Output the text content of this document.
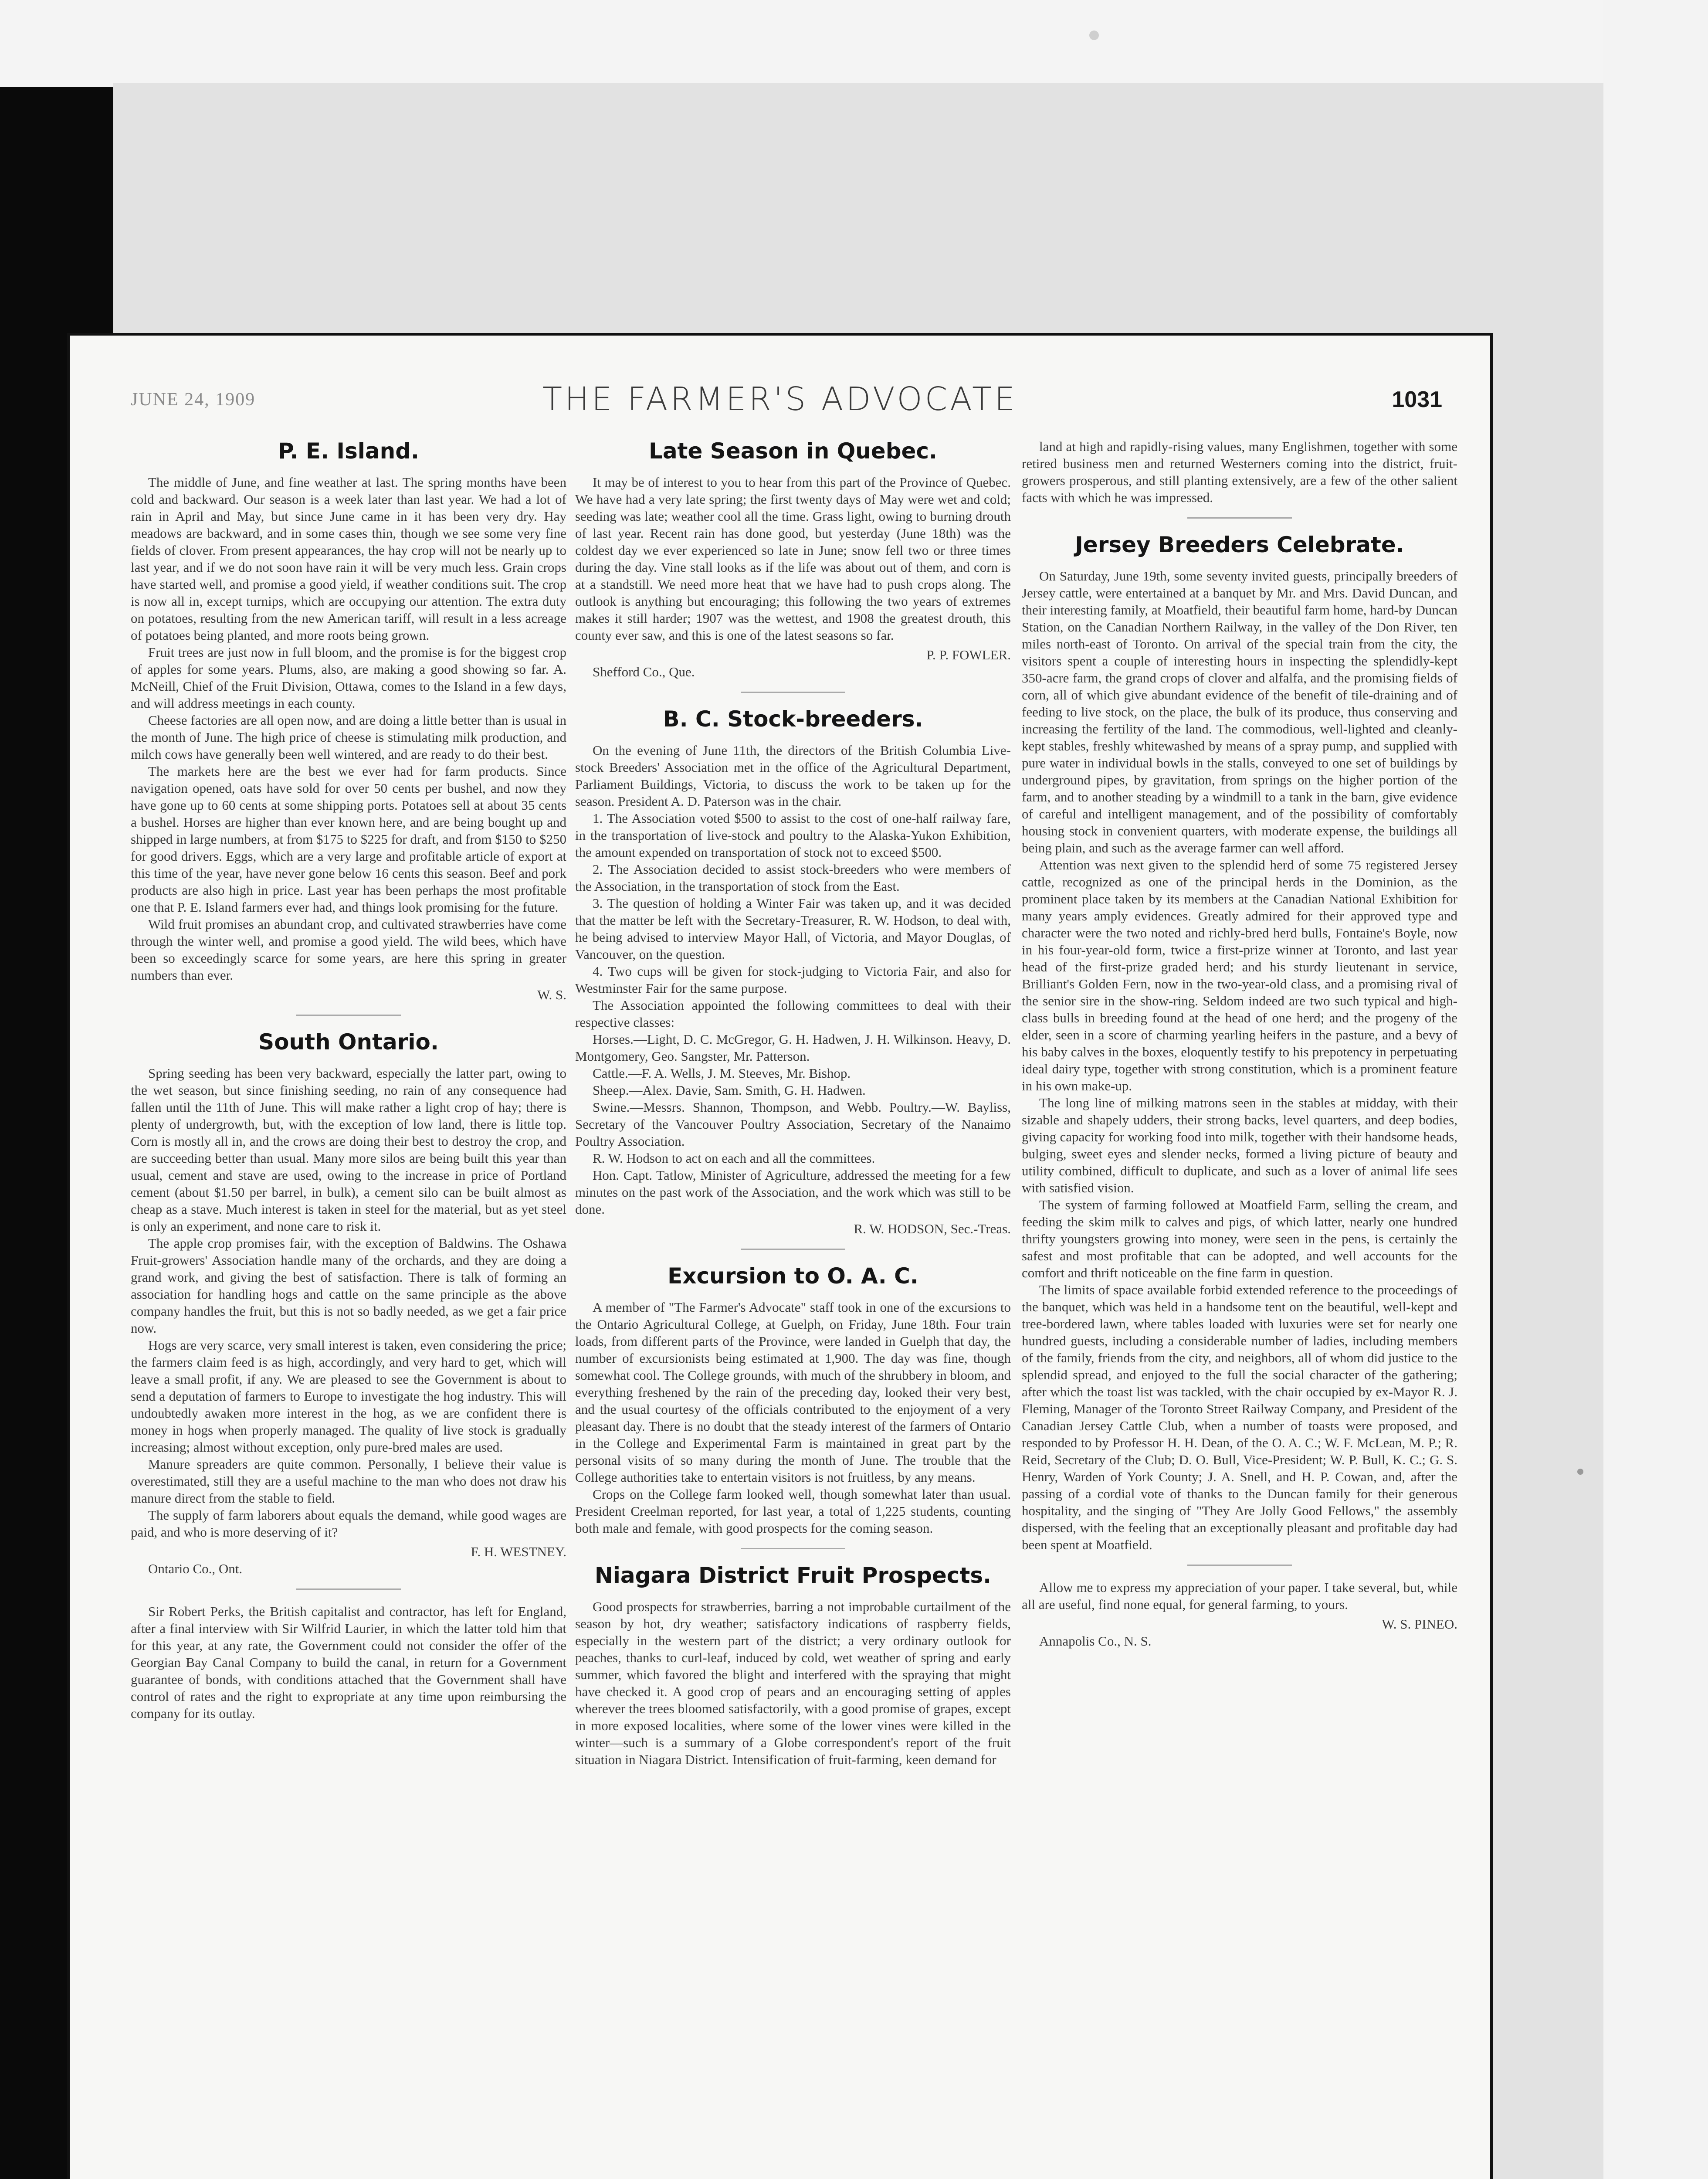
JUNE 24, 1909	THE FARMER'S ADVOCATE	1031
P. E. Island.

The middle of June, and fine weather at last. The spring months have been cold and backward. Our season is a week later than last year. We had a lot of rain in April and May, but since June came in it has been very dry. Hay meadows are backward, and in some cases thin, though we see some very fine fields of clover. From present appearances, the hay crop will not be nearly up to last year, and if we do not soon have rain it will be very much less. Grain crops have started well, and promise a good yield, if weather conditions suit. The crop is now all in, except turnips, which are occupying our attention. The extra duty on potatoes, resulting from the new American tariff, will result in a less acreage of potatoes being planted, and more roots being grown.

Fruit trees are just now in full bloom, and the promise is for the biggest crop of apples for some years. Plums, also, are making a good showing so far. A. McNeill, Chief of the Fruit Division, Ottawa, comes to the Island in a few days, and will address meetings in each county.

Cheese factories are all open now, and are doing a little better than is usual in the month of June. The high price of cheese is stimulating milk production, and milch cows have generally been well wintered, and are ready to do their best.

The markets here are the best we ever had for farm products. Since navigation opened, oats have sold for over 50 cents per bushel, and now they have gone up to 60 cents at some shipping ports. Potatoes sell at about 35 cents a bushel. Horses are higher than ever known here, and are being bought up and shipped in large numbers, at from $175 to $225 for draft, and from $150 to $250 for good drivers. Eggs, which are a very large and profitable article of export at this time of the year, have never gone below 16 cents this season. Beef and pork products are also high in price. Last year has been perhaps the most profitable one that P. E. Island farmers ever had, and things look promising for the future.

Wild fruit promises an abundant crop, and cultivated strawberries have come through the winter well, and promise a good yield. The wild bees, which have been so exceedingly scarce for some years, are here this spring in greater numbers than ever.

W. S.

South Ontario.

Spring seeding has been very backward, especially the latter part, owing to the wet season, but since finishing seeding, no rain of any consequence had fallen until the 11th of June. This will make rather a light crop of hay; there is plenty of undergrowth, but, with the exception of low land, there is little top. Corn is mostly all in, and the crows are doing their best to destroy the crop, and are succeeding better than usual. Many more silos are being built this year than usual, cement and stave are used, owing to the increase in price of Portland cement (about $1.50 per barrel, in bulk), a cement silo can be built almost as cheap as a stave. Much interest is taken in steel for the material, but as yet steel is only an experiment, and none care to risk it.

The apple crop promises fair, with the exception of Baldwins. The Oshawa Fruit-growers' Association handle many of the orchards, and they are doing a grand work, and giving the best of satisfaction. There is talk of forming an association for handling hogs and cattle on the same principle as the above company handles the fruit, but this is not so badly needed, as we get a fair price now.

Hogs are very scarce, very small interest is taken, even considering the price; the farmers claim feed is as high, accordingly, and very hard to get, which will leave a small profit, if any. We are pleased to see the Government is about to send a deputation of farmers to Europe to investigate the hog industry. This will undoubtedly awaken more interest in the hog, as we are confident there is money in hogs when properly managed. The quality of live stock is gradually increasing; almost without exception, only pure-bred males are used.

Manure spreaders are quite common. Personally, I believe their value is overestimated, still they are a useful machine to the man who does not draw his manure direct from the stable to field.

The supply of farm laborers about equals the demand, while good wages are paid, and who is more deserving of it?

F. H. WESTNEY.

Ontario Co., Ont.

Sir Robert Perks, the British capitalist and contractor, has left for England, after a final interview with Sir Wilfrid Laurier, in which the latter told him that for this year, at any rate, the Government could not consider the offer of the Georgian Bay Canal Company to build the canal, in return for a Government guarantee of bonds, with conditions attached that the Government shall have control of rates and the right to expropriate at any time upon reimbursing the company for its outlay.

Late Season in Quebec.

It may be of interest to you to hear from this part of the Province of Quebec. We have had a very late spring; the first twenty days of May were wet and cold; seeding was late; weather cool all the time. Grass light, owing to burning drouth of last year. Recent rain has done good, but yesterday (June 18th) was the coldest day we ever experienced so late in June; snow fell two or three times during the day. Vine stall looks as if the life was about out of them, and corn is at a standstill. We need more heat that we have had to push crops along. The outlook is anything but encouraging; this following the two years of extremes makes it still harder; 1907 was the wettest, and 1908 the greatest drouth, this county ever saw, and this is one of the latest seasons so far.

P. P. FOWLER.

Shefford Co., Que.

B. C. Stock-breeders.

On the evening of June 11th, the directors of the British Columbia Live-stock Breeders' Association met in the office of the Agricultural Department, Parliament Buildings, Victoria, to discuss the work to be taken up for the season. President A. D. Paterson was in the chair.

1. The Association voted $500 to assist to the cost of one-half railway fare, in the transportation of live-stock and poultry to the Alaska-Yukon Exhibition, the amount expended on transportation of stock not to exceed $500.

2. The Association decided to assist stock-breeders who were members of the Association, in the transportation of stock from the East.

3. The question of holding a Winter Fair was taken up, and it was decided that the matter be left with the Secretary-Treasurer, R. W. Hodson, to deal with, he being advised to interview Mayor Hall, of Victoria, and Mayor Douglas, of Vancouver, on the question.

4. Two cups will be given for stock-judging to Victoria Fair, and also for Westminster Fair for the same purpose.

The Association appointed the following committees to deal with their respective classes:

Horses.—Light, D. C. McGregor, G. H. Hadwen, J. H. Wilkinson. Heavy, D. Montgomery, Geo. Sangster, Mr. Patterson.

Cattle.—F. A. Wells, J. M. Steeves, Mr. Bishop.

Sheep.—Alex. Davie, Sam. Smith, G. H. Hadwen.

Swine.—Messrs. Shannon, Thompson, and Webb. Poultry.—W. Bayliss, Secretary of the Vancouver Poultry Association, Secretary of the Nanaimo Poultry Association.

R. W. Hodson to act on each and all the committees.

Hon. Capt. Tatlow, Minister of Agriculture, addressed the meeting for a few minutes on the past work of the Association, and the work which was still to be done.

R. W. HODSON, Sec.-Treas.

Excursion to O. A. C.

A member of "The Farmer's Advocate" staff took in one of the excursions to the Ontario Agricultural College, at Guelph, on Friday, June 18th. Four train loads, from different parts of the Province, were landed in Guelph that day, the number of excursionists being estimated at 1,900. The day was fine, though somewhat cool. The College grounds, with much of the shrubbery in bloom, and everything freshened by the rain of the preceding day, looked their very best, and the usual courtesy of the officials contributed to the enjoyment of a very pleasant day. There is no doubt that the steady interest of the farmers of Ontario in the College and Experimental Farm is maintained in great part by the personal visits of so many during the month of June. The trouble that the College authorities take to entertain visitors is not fruitless, by any means.

Crops on the College farm looked well, though somewhat later than usual. President Creelman reported, for last year, a total of 1,225 students, counting both male and female, with good prospects for the coming season.

Niagara District Fruit Prospects.

Good prospects for strawberries, barring a not improbable curtailment of the season by hot, dry weather; satisfactory indications of raspberry fields, especially in the western part of the district; a very ordinary outlook for peaches, thanks to curl-leaf, induced by cold, wet weather of spring and early summer, which favored the blight and interfered with the spraying that might have checked it. A good crop of pears and an encouraging setting of apples wherever the trees bloomed satisfactorily, with a good promise of grapes, except in more exposed localities, where some of the lower vines were killed in the winter—such is a summary of a Globe correspondent's report of the fruit situation in Niagara District. Intensification of fruit-farming, keen demand for

land at high and rapidly-rising values, many Englishmen, together with some retired business men and returned Westerners coming into the district, fruit-growers prosperous, and still planting extensively, are a few of the other salient facts with which he was impressed.

Jersey Breeders Celebrate.

On Saturday, June 19th, some seventy invited guests, principally breeders of Jersey cattle, were entertained at a banquet by Mr. and Mrs. David Duncan, and their interesting family, at Moatfield, their beautiful farm home, hard-by Duncan Station, on the Canadian Northern Railway, in the valley of the Don River, ten miles north-east of Toronto. On arrival of the special train from the city, the visitors spent a couple of interesting hours in inspecting the splendidly-kept 350-acre farm, the grand crops of clover and alfalfa, and the promising fields of corn, all of which give abundant evidence of the benefit of tile-draining and of feeding to live stock, on the place, the bulk of its produce, thus conserving and increasing the fertility of the land. The commodious, well-lighted and cleanly-kept stables, freshly whitewashed by means of a spray pump, and supplied with pure water in individual bowls in the stalls, conveyed to one set of buildings by underground pipes, by gravitation, from springs on the higher portion of the farm, and to another steading by a windmill to a tank in the barn, give evidence of careful and intelligent management, and of the possibility of comfortably housing stock in convenient quarters, with moderate expense, the buildings all being plain, and such as the average farmer can well afford.

Attention was next given to the splendid herd of some 75 registered Jersey cattle, recognized as one of the principal herds in the Dominion, as the prominent place taken by its members at the Canadian National Exhibition for many years amply evidences. Greatly admired for their approved type and character were the two noted and richly-bred herd bulls, Fontaine's Boyle, now in his four-year-old form, twice a first-prize winner at Toronto, and last year head of the first-prize graded herd; and his sturdy lieutenant in service, Brilliant's Golden Fern, now in the two-year-old class, and a promising rival of the senior sire in the show-ring. Seldom indeed are two such typical and high-class bulls in breeding found at the head of one herd; and the progeny of the elder, seen in a score of charming yearling heifers in the pasture, and a bevy of his baby calves in the boxes, eloquently testify to his prepotency in perpetuating ideal dairy type, together with strong constitution, which is a prominent feature in his own make-up.

The long line of milking matrons seen in the stables at midday, with their sizable and shapely udders, their strong backs, level quarters, and deep bodies, giving capacity for working food into milk, together with their handsome heads, bulging, sweet eyes and slender necks, formed a living picture of beauty and utility combined, difficult to duplicate, and such as a lover of animal life sees with satisfied vision.

The system of farming followed at Moatfield Farm, selling the cream, and feeding the skim milk to calves and pigs, of which latter, nearly one hundred thrifty youngsters growing into money, were seen in the pens, is certainly the safest and most profitable that can be adopted, and well accounts for the comfort and thrift noticeable on the fine farm in question.

The limits of space available forbid extended reference to the proceedings of the banquet, which was held in a handsome tent on the beautiful, well-kept and tree-bordered lawn, where tables loaded with luxuries were set for nearly one hundred guests, including a considerable number of ladies, including members of the family, friends from the city, and neighbors, all of whom did justice to the splendid spread, and enjoyed to the full the social character of the gathering; after which the toast list was tackled, with the chair occupied by ex-Mayor R. J. Fleming, Manager of the Toronto Street Railway Company, and President of the Canadian Jersey Cattle Club, when a number of toasts were proposed, and responded to by Professor H. H. Dean, of the O. A. C.; W. F. McLean, M. P.; R. Reid, Secretary of the Club; D. O. Bull, Vice-President; W. P. Bull, K. C.; G. S. Henry, Warden of York County; J. A. Snell, and H. P. Cowan, and, after the passing of a cordial vote of thanks to the Duncan family for their generous hospitality, and the singing of "They Are Jolly Good Fellows," the assembly dispersed, with the feeling that an exceptionally pleasant and profitable day had been spent at Moatfield.

Allow me to express my appreciation of your paper. I take several, but, while all are useful, find none equal, for general farming, to yours.

W. S. PINEO.

Annapolis Co., N. S.
